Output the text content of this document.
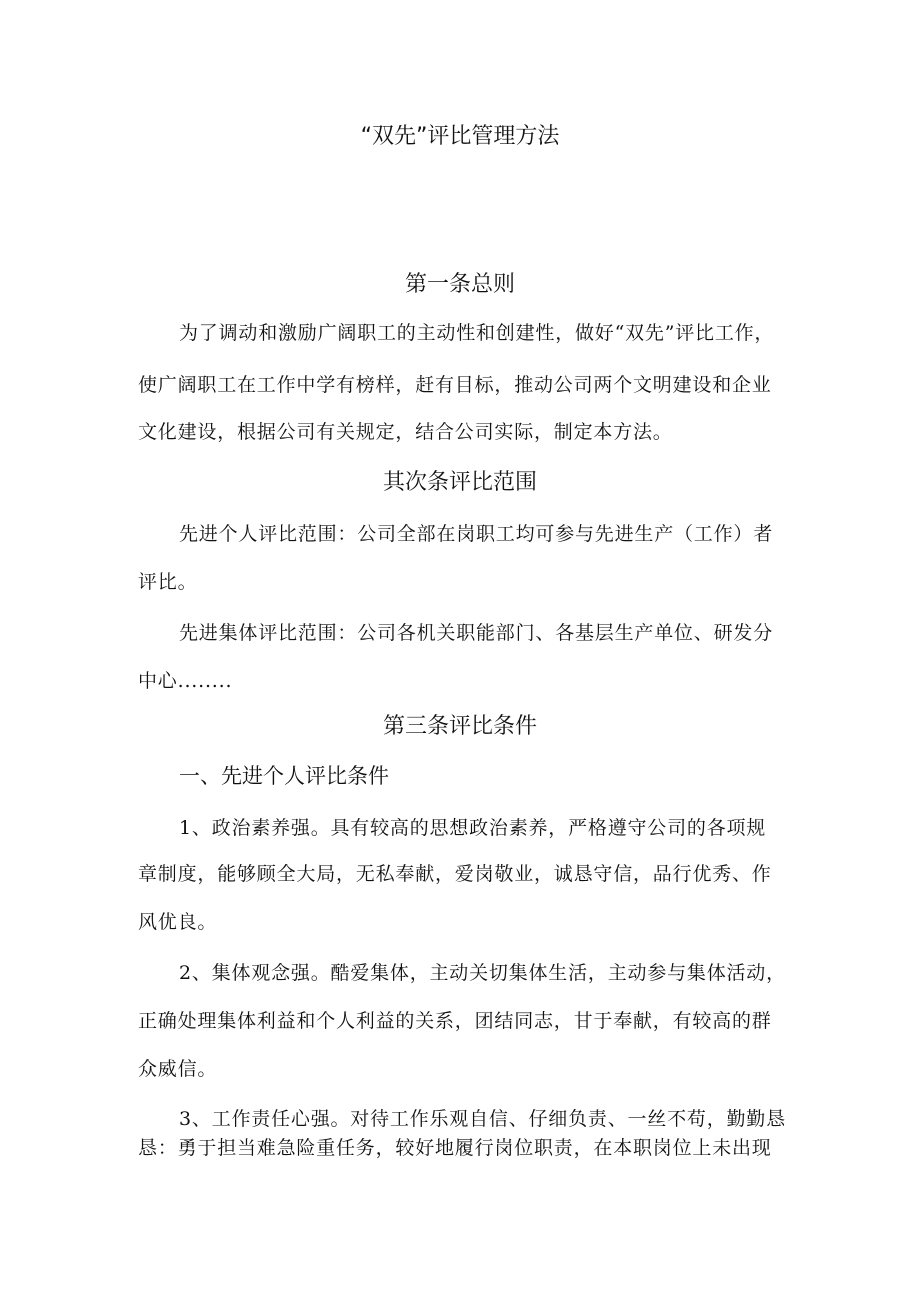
“双先”评比管理方法
第一条总则
为了调动和激励广阔职工的主动性和创建性，做好“双先”评比工作，
使广阔职工在工作中学有榜样，赶有目标，推动公司两个文明建设和企业
文化建设，根据公司有关规定，结合公司实际，制定本方法。
其次条评比范围
先进个人评比范围：公司全部在岗职工均可参与先进生产（工作）者
评比。
先进集体评比范围：公司各机关职能部门、各基层生产单位、研发分
中心........
第三条评比条件
一、先进个人评比条件
1、政治素养强。具有较高的思想政治素养，严格遵守公司的各项规
章制度，能够顾全大局，无私奉献，爱岗敬业，诚恳守信，品行优秀、作
风优良。
2、集体观念强。酷爱集体，主动关切集体生活，主动参与集体活动，
正确处理集体利益和个人利益的关系，团结同志，甘于奉献，有较高的群
众威信。
3、工作责任心强。对待工作乐观自信、仔细负责、一丝不苟，勤勤恳
恳：勇于担当难急险重任务，较好地履行岗位职责，在本职岗位上未出现
